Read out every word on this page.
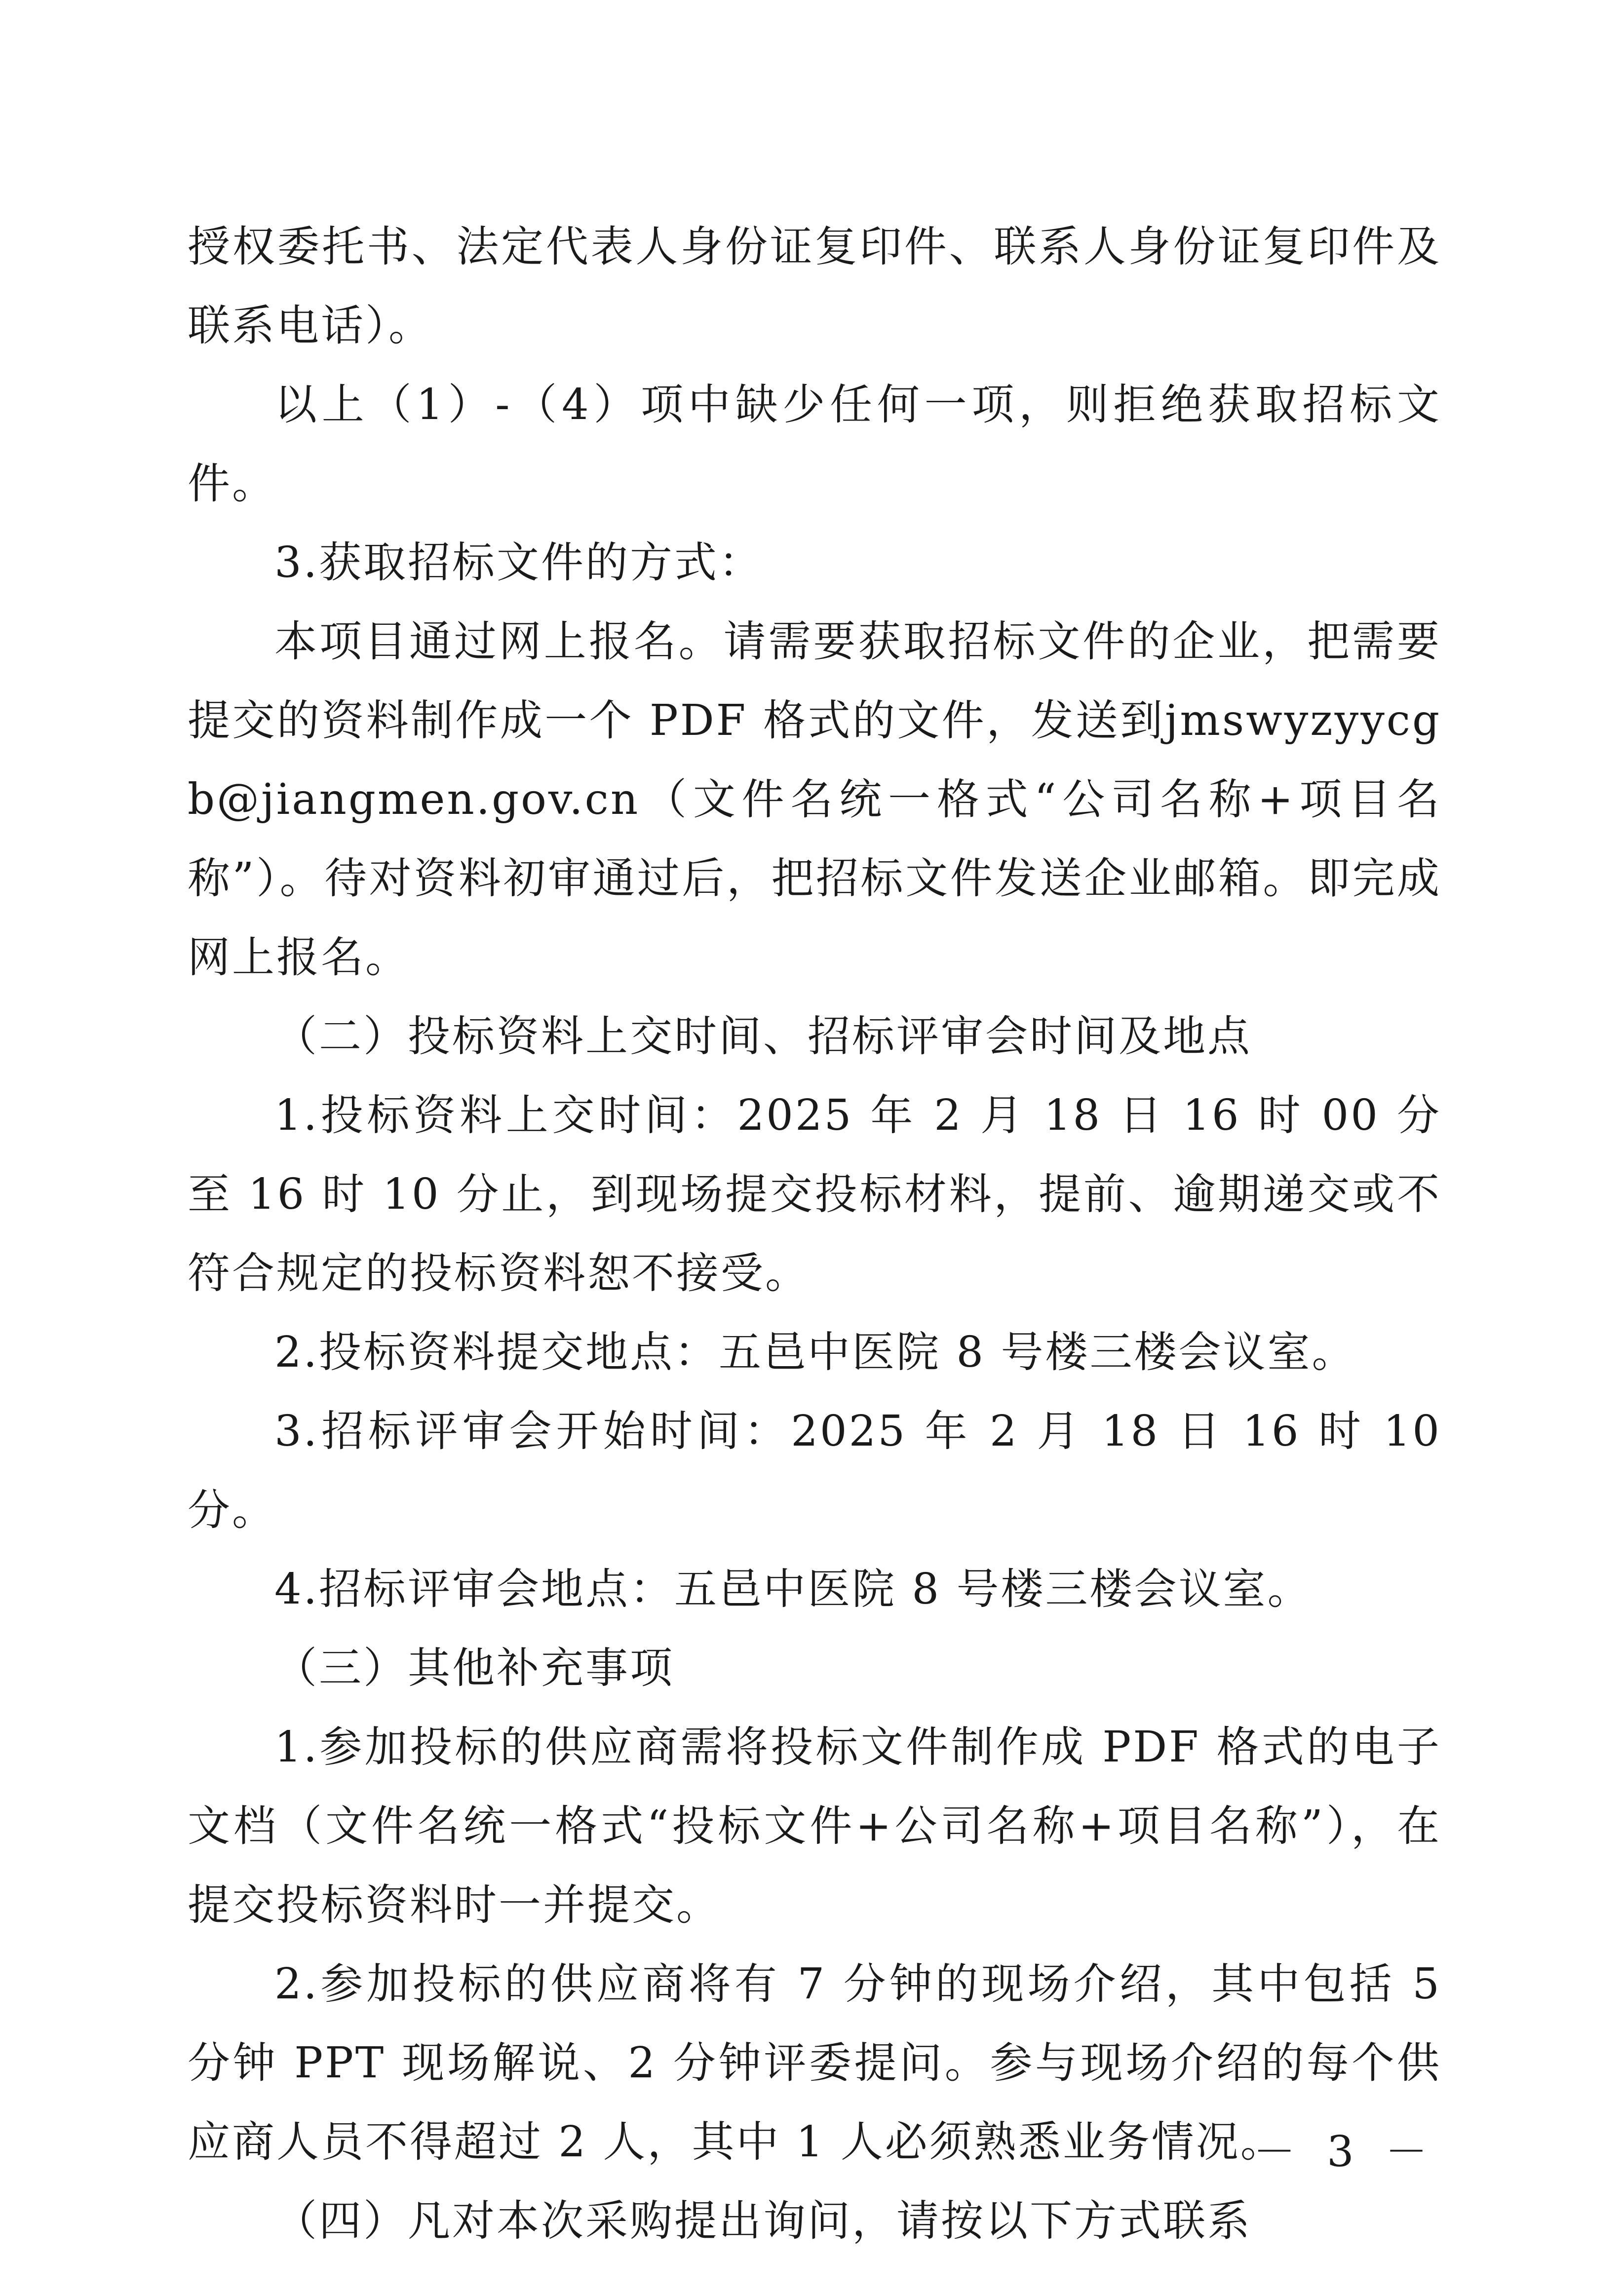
授权委托书、法定代表人身份证复印件、联系人身份证复印件及联系电话）。

以上（1）-（4）项中缺少任何一项，则拒绝获取招标文件。

3.获取招标文件的方式：

本项目通过网上报名。请需要获取招标文件的企业，把需要提交的资料制作成一个 PDF 格式的文件，发送到jmswyzyycgb@jiangmen.gov.cn（文件名统一格式“公司名称+项目名称”）。待对资料初审通过后，把招标文件发送企业邮箱。即完成网上报名。

（二）投标资料上交时间、招标评审会时间及地点

1.投标资料上交时间：2025 年 2 月 18 日 16 时 00 分至 16 时 10 分止，到现场提交投标材料，提前、逾期递交或不符合规定的投标资料恕不接受。

2.投标资料提交地点：五邑中医院 8 号楼三楼会议室。

3.招标评审会开始时间：2025 年 2 月 18 日 16 时 10 分。

4.招标评审会地点：五邑中医院 8 号楼三楼会议室。

（三）其他补充事项

1.参加投标的供应商需将投标文件制作成 PDF 格式的电子文档（文件名统一格式“投标文件+公司名称+项目名称”），在提交投标资料时一并提交。

2.参加投标的供应商将有 7 分钟的现场介绍，其中包括 5 分钟 PPT 现场解说、2 分钟评委提问。参与现场介绍的每个供应商人员不得超过 2 人，其中 1 人必须熟悉业务情况。

（四）凡对本次采购提出询问，请按以下方式联系

－ 3 －
